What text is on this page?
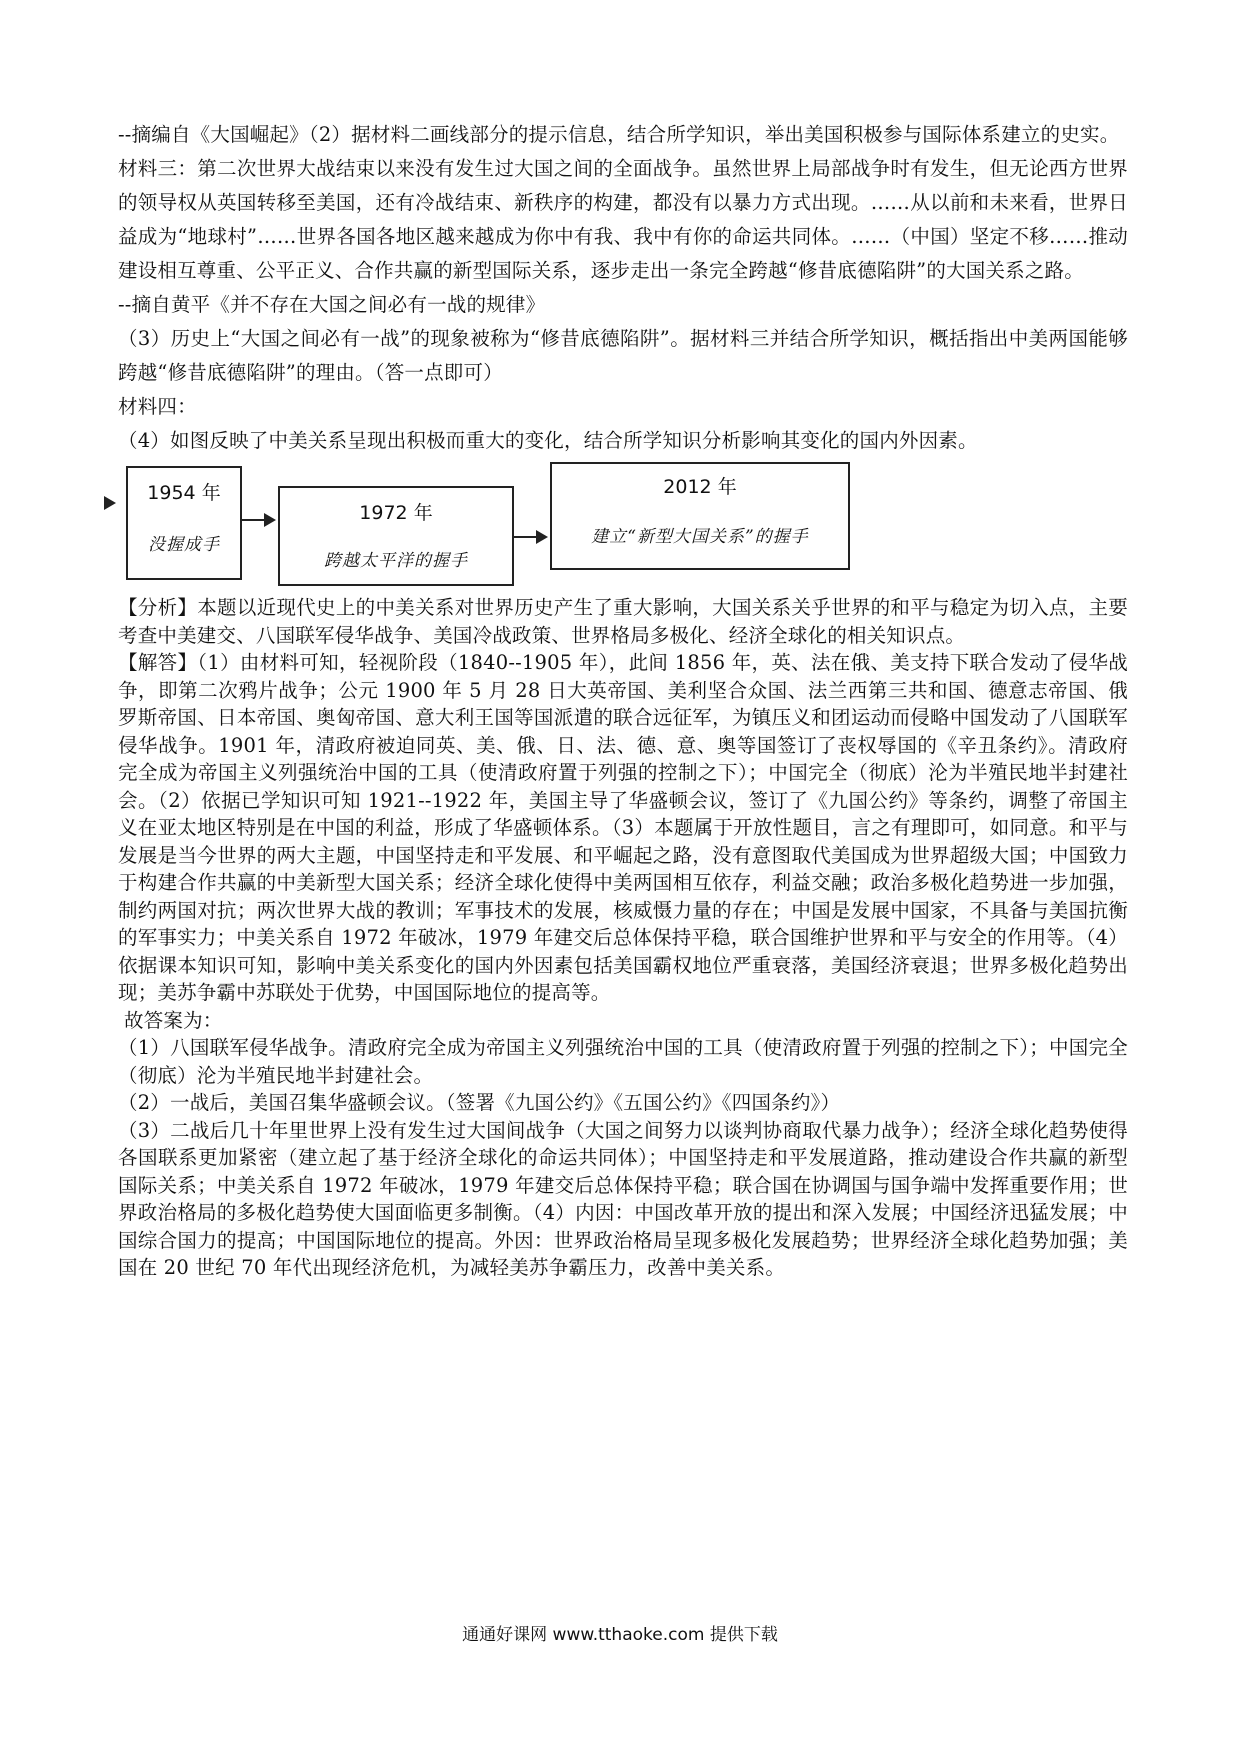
--摘编自《大国崛起》（2）据材料二画线部分的提示信息，结合所学知识，举出美国积极参与国际体系建立的史实。

材料三：第二次世界大战结束以来没有发生过大国之间的全面战争。虽然世界上局部战争时有发生，但无论西方世界的领导权从英国转移至美国，还有冷战结束、新秩序的构建，都没有以暴力方式出现。……从以前和未来看，世界日益成为“地球村”……世界各国各地区越来越成为你中有我、我中有你的命运共同体。……（中国）坚定不移……推动建设相互尊重、公平正义、合作共赢的新型国际关系，逐步走出一条完全跨越“修昔底德陷阱”的大国关系之路。

--摘自黄平《并不存在大国之间必有一战的规律》

（3）历史上“大国之间必有一战”的现象被称为“修昔底德陷阱”。据材料三并结合所学知识，概括指出中美两国能够跨越“修昔底德陷阱”的理由。（答一点即可）

材料四：

（4）如图反映了中美关系呈现出积极而重大的变化，结合所学知识分析影响其变化的国内外因素。

1954 年
没握成手
1972 年
跨越太平洋的握手
2012 年
建立“新型大国关系”的握手

【分析】本题以近现代史上的中美关系对世界历史产生了重大影响，大国关系关乎世界的和平与稳定为切入点，主要考查中美建交、八国联军侵华战争、美国冷战政策、世界格局多极化、经济全球化的相关知识点。

【解答】（1）由材料可知，轻视阶段（1840--1905 年），此间 1856 年，英、法在俄、美支持下联合发动了侵华战争，即第二次鸦片战争；公元 1900 年 5 月 28 日大英帝国、美利坚合众国、法兰西第三共和国、德意志帝国、俄罗斯帝国、日本帝国、奥匈帝国、意大利王国等国派遣的联合远征军，为镇压义和团运动而侵略中国发动了八国联军侵华战争。1901 年，清政府被迫同英、美、俄、日、法、德、意、奥等国签订了丧权辱国的《辛丑条约》。清政府完全成为帝国主义列强统治中国的工具（使清政府置于列强的控制之下）；中国完全（彻底）沦为半殖民地半封建社会。（2）依据已学知识可知 1921--1922 年，美国主导了华盛顿会议，签订了《九国公约》等条约，调整了帝国主义在亚太地区特别是在中国的利益，形成了华盛顿体系。（3）本题属于开放性题目，言之有理即可，如同意。和平与发展是当今世界的两大主题，中国坚持走和平发展、和平崛起之路，没有意图取代美国成为世界超级大国；中国致力于构建合作共赢的中美新型大国关系；经济全球化使得中美两国相互依存，利益交融；政治多极化趋势进一步加强，制约两国对抗；两次世界大战的教训；军事技术的发展，核威慑力量的存在；中国是发展中国家，不具备与美国抗衡的军事实力；中美关系自 1972 年破冰，1979 年建交后总体保持平稳，联合国维护世界和平与安全的作用等。（4）依据课本知识可知，影响中美关系变化的国内外因素包括美国霸权地位严重衰落，美国经济衰退；世界多极化趋势出现；美苏争霸中苏联处于优势，中国国际地位的提高等。

故答案为：

（1）八国联军侵华战争。清政府完全成为帝国主义列强统治中国的工具（使清政府置于列强的控制之下）；中国完全（彻底）沦为半殖民地半封建社会。

（2）一战后，美国召集华盛顿会议。（签署《九国公约》《五国公约》《四国条约》）

（3）二战后几十年里世界上没有发生过大国间战争（大国之间努力以谈判协商取代暴力战争）；经济全球化趋势使得各国联系更加紧密（建立起了基于经济全球化的命运共同体）；中国坚持走和平发展道路，推动建设合作共赢的新型国际关系；中美关系自 1972 年破冰，1979 年建交后总体保持平稳；联合国在协调国与国争端中发挥重要作用；世界政治格局的多极化趋势使大国面临更多制衡。（4）内因：中国改革开放的提出和深入发展；中国经济迅猛发展；中国综合国力的提高；中国国际地位的提高。外因：世界政治格局呈现多极化发展趋势；世界经济全球化趋势加强；美国在 20 世纪 70 年代出现经济危机，为减轻美苏争霸压力，改善中美关系。

通通好课网 www.tthaoke.com 提供下载
